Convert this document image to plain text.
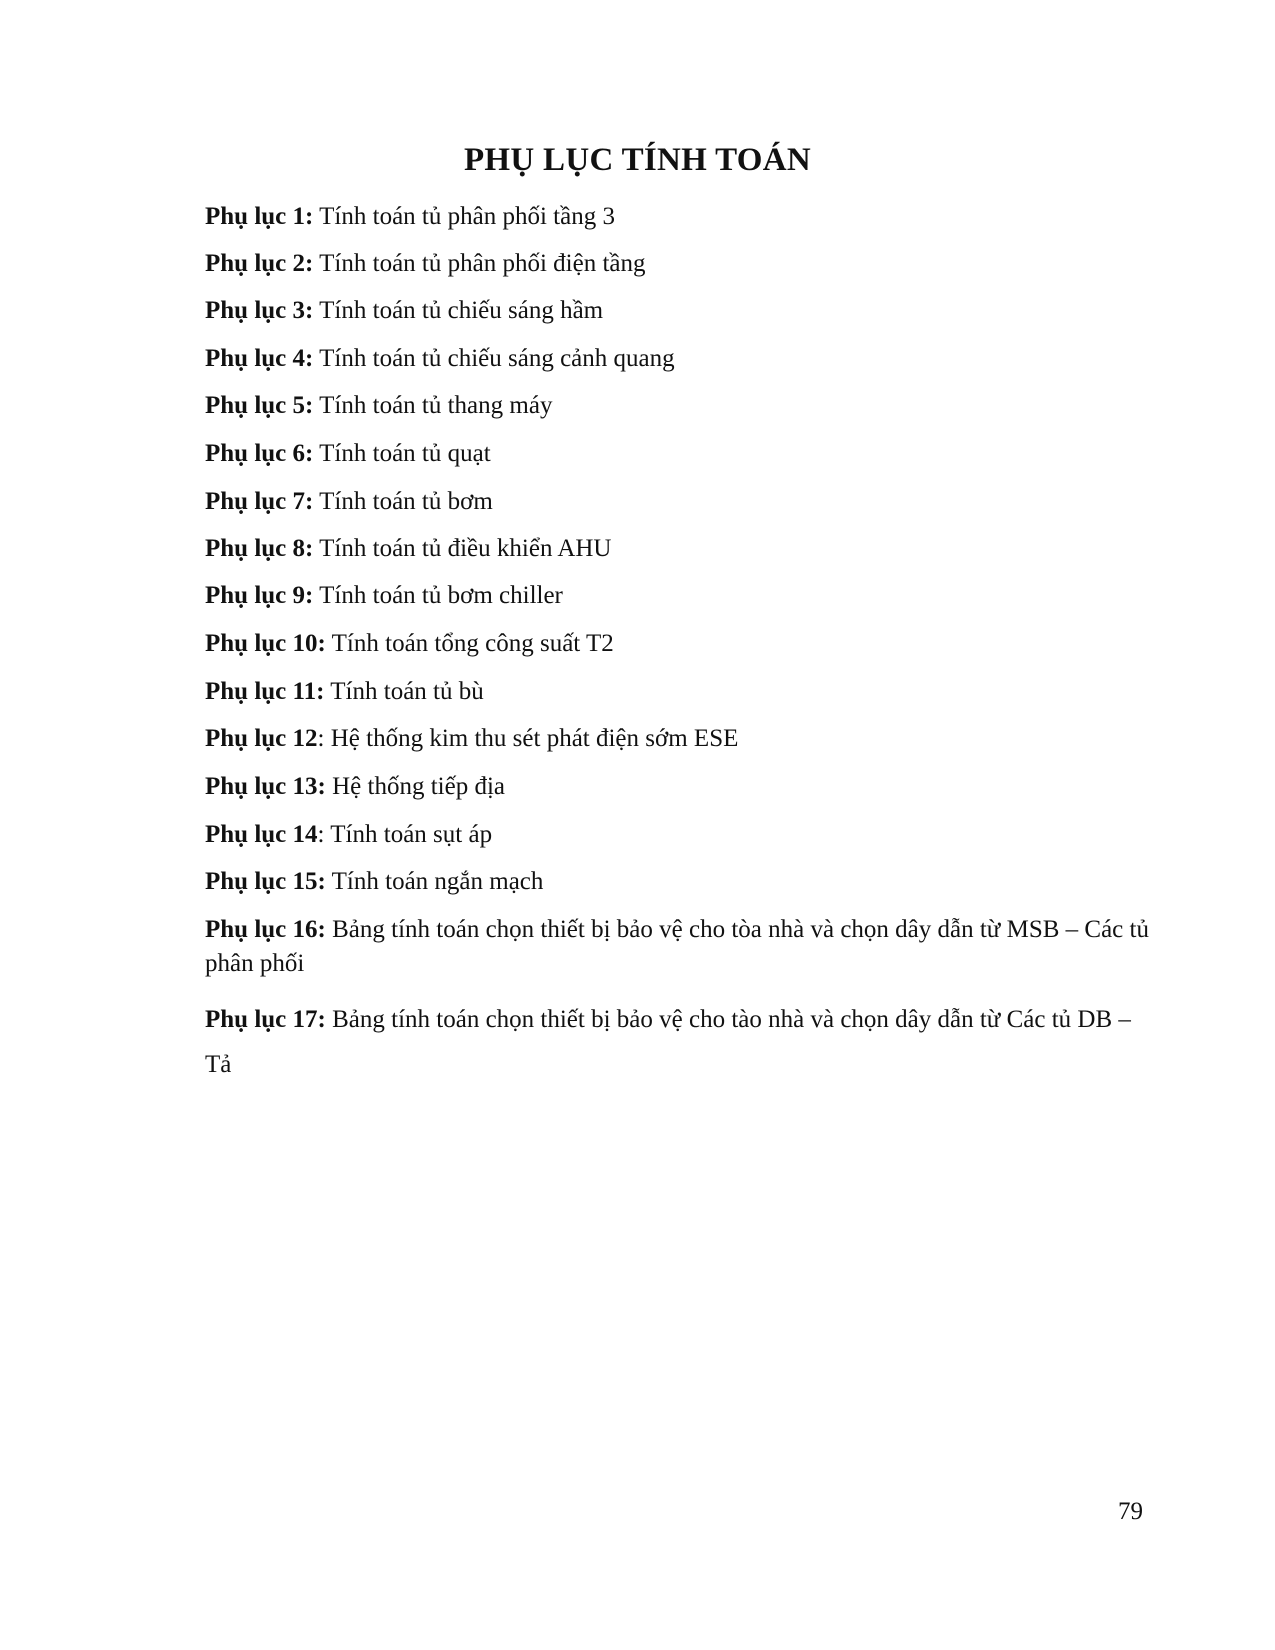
PHỤ LỤC TÍNH TOÁN
Phụ lục 1: Tính toán tủ phân phối tầng 3
Phụ lục 2: Tính toán tủ phân phối điện tầng
Phụ lục 3: Tính toán tủ chiếu sáng hầm
Phụ lục 4: Tính toán tủ chiếu sáng cảnh quang
Phụ lục 5: Tính toán tủ thang máy
Phụ lục 6: Tính toán tủ quạt
Phụ lục 7: Tính toán tủ bơm
Phụ lục 8: Tính toán tủ điều khiển AHU
Phụ lục 9: Tính toán tủ bơm chiller
Phụ lục 10: Tính toán tổng công suất T2
Phụ lục 11: Tính toán tủ bù
Phụ lục 12: Hệ thống kim thu sét phát điện sớm ESE
Phụ lục 13: Hệ thống tiếp địa
Phụ lục 14: Tính toán sụt áp
Phụ lục 15: Tính toán ngắn mạch
Phụ lục 16: Bảng tính toán chọn thiết bị bảo vệ cho tòa nhà và chọn dây dẫn từ MSB – Các tủ phân phối
Phụ lục 17: Bảng tính toán chọn thiết bị bảo vệ cho tào nhà và chọn dây dẫn từ Các tủ DB – Tả
79
